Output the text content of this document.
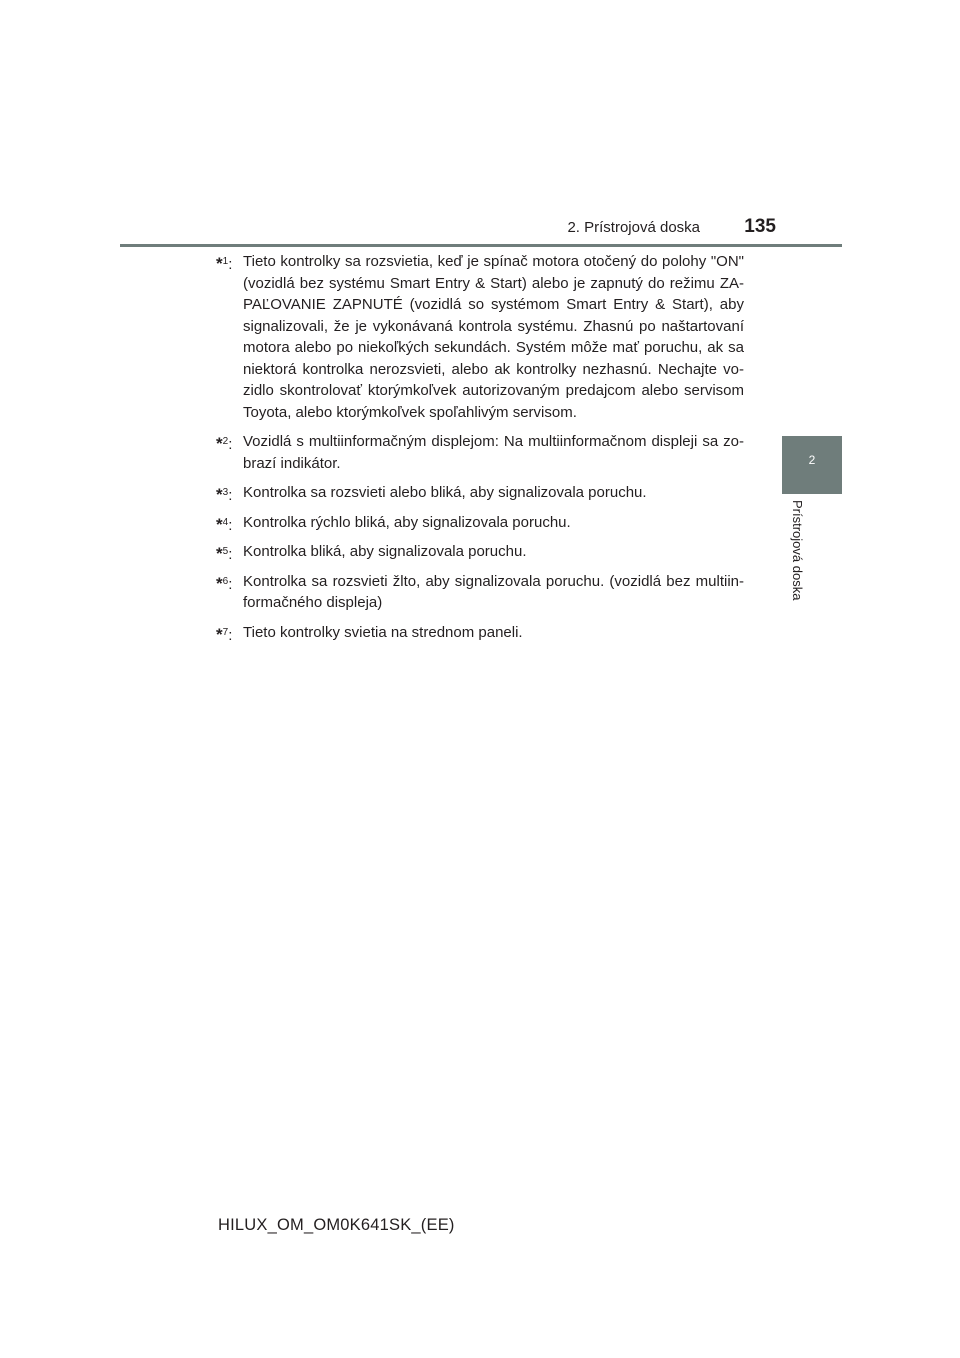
2. Prístrojová doska	135
2
Prístrojová doska
*$^1$: Tieto kontrolky sa rozsvietia, keď je spínač motora otočený do polohy "ON" (vozidlá bez systému Smart Entry & Start) alebo je zapnutý do režimu ZA-PAĽOVANIE ZAPNUTÉ (vozidlá so systémom Smart Entry & Start), aby signalizovali, že je vykonávaná kontrola systému. Zhasnú po naštartovaní motora alebo po niekoľkých sekundách. Systém môže mať poruchu, ak sa niektorá kontrolka nerozsvieti, alebo ak kontrolky nezhasnú. Nechajte vo-zidlo skontrolovať ktorýmkoľvek autorizovaným predajcom alebo servisom Toyota, alebo ktorýmkoľvek spoľahlivým servisom.
*$^2$: Vozidlá s multiinformačným displejom: Na multiinformačnom displeji sa zo-brazí indikátor.
*$^3$: Kontrolka sa rozsvieti alebo bliká, aby signalizovala poruchu.
*$^4$: Kontrolka rýchlo bliká, aby signalizovala poruchu.
*$^5$: Kontrolka bliká, aby signalizovala poruchu.
*$^6$: Kontrolka sa rozsvieti žlto, aby signalizovala poruchu. (vozidlá bez multiin-formačného displeja)
*$^7$: Tieto kontrolky svietia na strednom paneli.
HILUX_OM_OM0K641SK_(EE)
